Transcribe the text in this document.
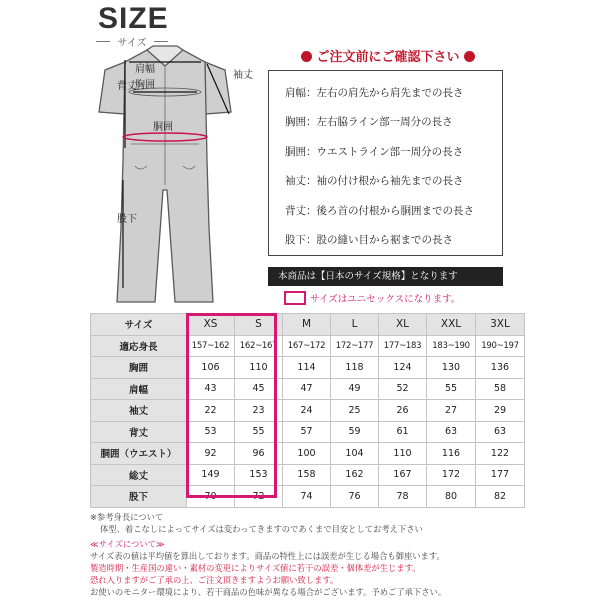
SIZE
サイズ
肩幅
胸囲
袖丈
背丈
胴囲
股下
ご注文前にご確認下さい
肩幅：左右の肩先から肩先までの長さ
胸囲：左右脇ライン部一周分の長さ
胴囲：ウエストライン部一周分の長さ
袖丈：袖の付け根から袖先までの長さ
背丈：後ろ首の付根から胴囲までの長さ
股下：股の縫い目から裾までの長さ
本商品は【日本のサイズ規格】となります
サイズはユニセックスになります。
サイズ	XS	S	M	L	XL	XXL	3XL
適応身長	157~162	162~167	167~172	172~177	177~183	183~190	190~197
胸囲	106	110	114	118	124	130	136
肩幅	43	45	47	49	52	55	58
袖丈	22	23	24	25	26	27	29
背丈	53	55	57	59	61	63	63
胴囲（ウエスト）	92	96	100	104	110	116	122
総丈	149	153	158	162	167	172	177
股下	70	72	74	76	78	80	82
※参考身長について
体型、着こなしによってサイズは変わってきますのであくまで目安としてお考え下さい
≪サイズについて≫
サイズ表の値は平均値を算出しております。商品の特性上には誤差が生じる場合も御座います。
製造時期・生産国の違い・素材の変更によりサイズ値に若干の誤差・個体差が生じます。
恐れ入りますがご了承の上、ご注文頂きますようお願い致します。
お使いのモニター環境により、若干商品の色味が異なる場合がございます。予めご了承下さい。
